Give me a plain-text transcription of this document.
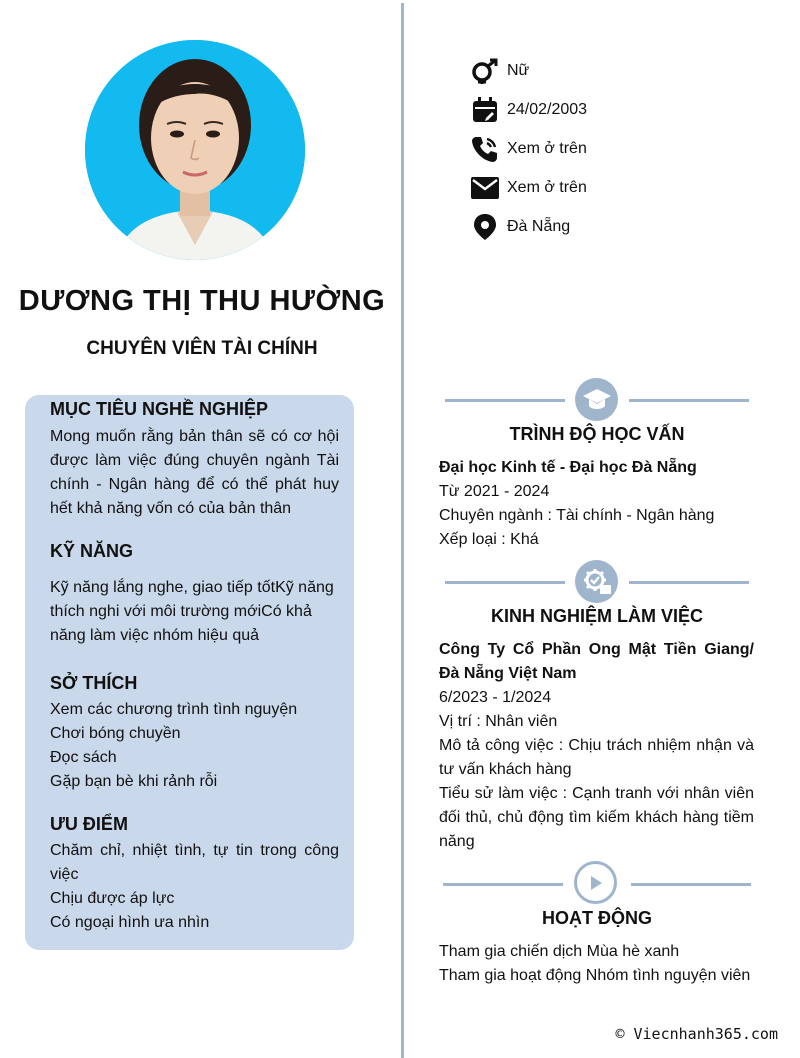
DƯƠNG THỊ THU HƯỜNG
CHUYÊN VIÊN TÀI CHÍNH
Nữ
24/02/2003
Xem ở trên
Xem ở trên
Đà Nẵng
MỤC TIÊU NGHỀ NGHIỆP
Mong muốn rằng bản thân sẽ có cơ hội được làm việc đúng chuyên ngành Tài chính - Ngân hàng để có thể phát huy hết khả năng vốn có của bản thân
KỸ NĂNG
Kỹ năng lắng nghe, giao tiếp tốtKỹ năng thích nghi với môi trường mớiCó khả năng làm việc nhóm hiệu quả
SỞ THÍCH
Xem các chương trình tình nguyện
Chơi bóng chuyền
Đọc sách
Gặp bạn bè khi rảnh rỗi
ƯU ĐIỂM
Chăm chỉ, nhiệt tình, tự tin trong công việc
Chịu được áp lực
Có ngoại hình ưa nhìn
TRÌNH ĐỘ HỌC VẤN
Đại học Kinh tế - Đại học Đà Nẵng
Từ 2021 - 2024
Chuyên ngành : Tài chính - Ngân hàng
Xếp loại : Khá
KINH NGHIỆM LÀM VIỆC
Công Ty Cổ Phần Ong Mật Tiền Giang/ Đà Nẵng Việt Nam
6/2023 - 1/2024
Vị trí : Nhân viên
Mô tả công việc : Chịu trách nhiệm nhận và tư vấn khách hàng
Tiểu sử làm việc : Cạnh tranh với nhân viên đối thủ, chủ động tìm kiếm khách hàng tiềm năng
HOẠT ĐỘNG
Tham gia chiến dịch Mùa hè xanh
Tham gia hoạt động Nhóm tình nguyện viên
© Viecnhanh365.com
